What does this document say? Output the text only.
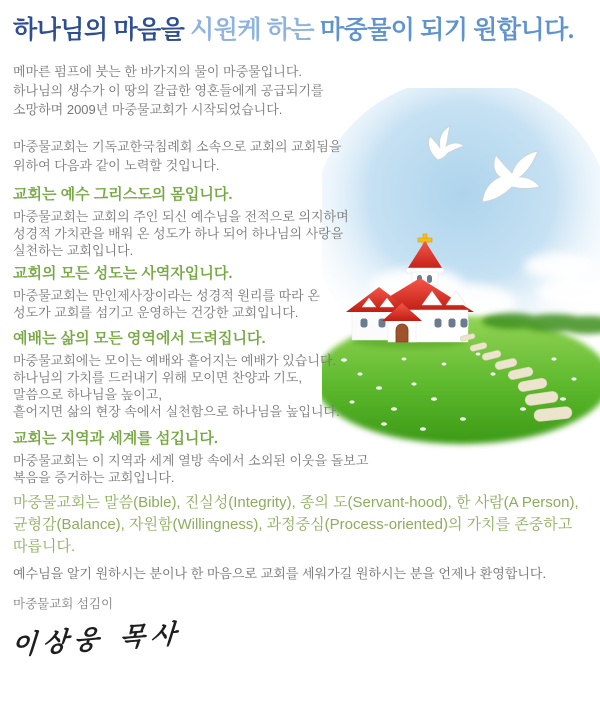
하나님의 마음을 시원케 하는 마중물이 되기 원합니다.
메마른 펌프에 붓는 한 바가지의 물이 마중물입니다.
하나님의 생수가 이 땅의 갈급한 영혼들에게 공급되기를
소망하며 2009년 마중물교회가 시작되었습니다.
마중물교회는 기독교한국침례회 소속으로 교회의 교회됨을
위하여 다음과 같이 노력할 것입니다.
교회는 예수 그리스도의 몸입니다.
마중물교회는 교회의 주인 되신 예수님을 전적으로 의지하며
성경적 가치관을 배워 온 성도가 하나 되어 하나님의 사랑을
실천하는 교회입니다.
교회의 모든 성도는 사역자입니다.
마중물교회는 만인제사장이라는 성경적 원리를 따라 온
성도가 교회를 섬기고 운영하는 건강한 교회입니다.
예배는 삶의 모든 영역에서 드려집니다.
마중물교회에는 모이는 예배와 흩어지는 예배가 있습니다.
하나님의 가치를 드러내기 위해 모이면 찬양과 기도,
말씀으로 하나님을 높이고,
흩어지면 삶의 현장 속에서 실천함으로 하나님을 높입니다.
교회는 지역과 세계를 섬깁니다.
마중물교회는 이 지역과 세계 열방 속에서 소외된 이웃을 돌보고
복음을 증거하는 교회입니다.
마중물교회는 말씀(Bible), 진실성(Integrity), 종의 도(Servant-hood), 한 사람(A Person),
균형감(Balance), 자원함(Willingness), 과정중심(Process-oriented)의 가치를 존중하고
따릅니다.
예수님을 알기 원하시는 분이나 한 마음으로 교회를 세워가길 원하시는 분을 언제나 환영합니다.
마중물교회 섬김이
이상웅 목사
